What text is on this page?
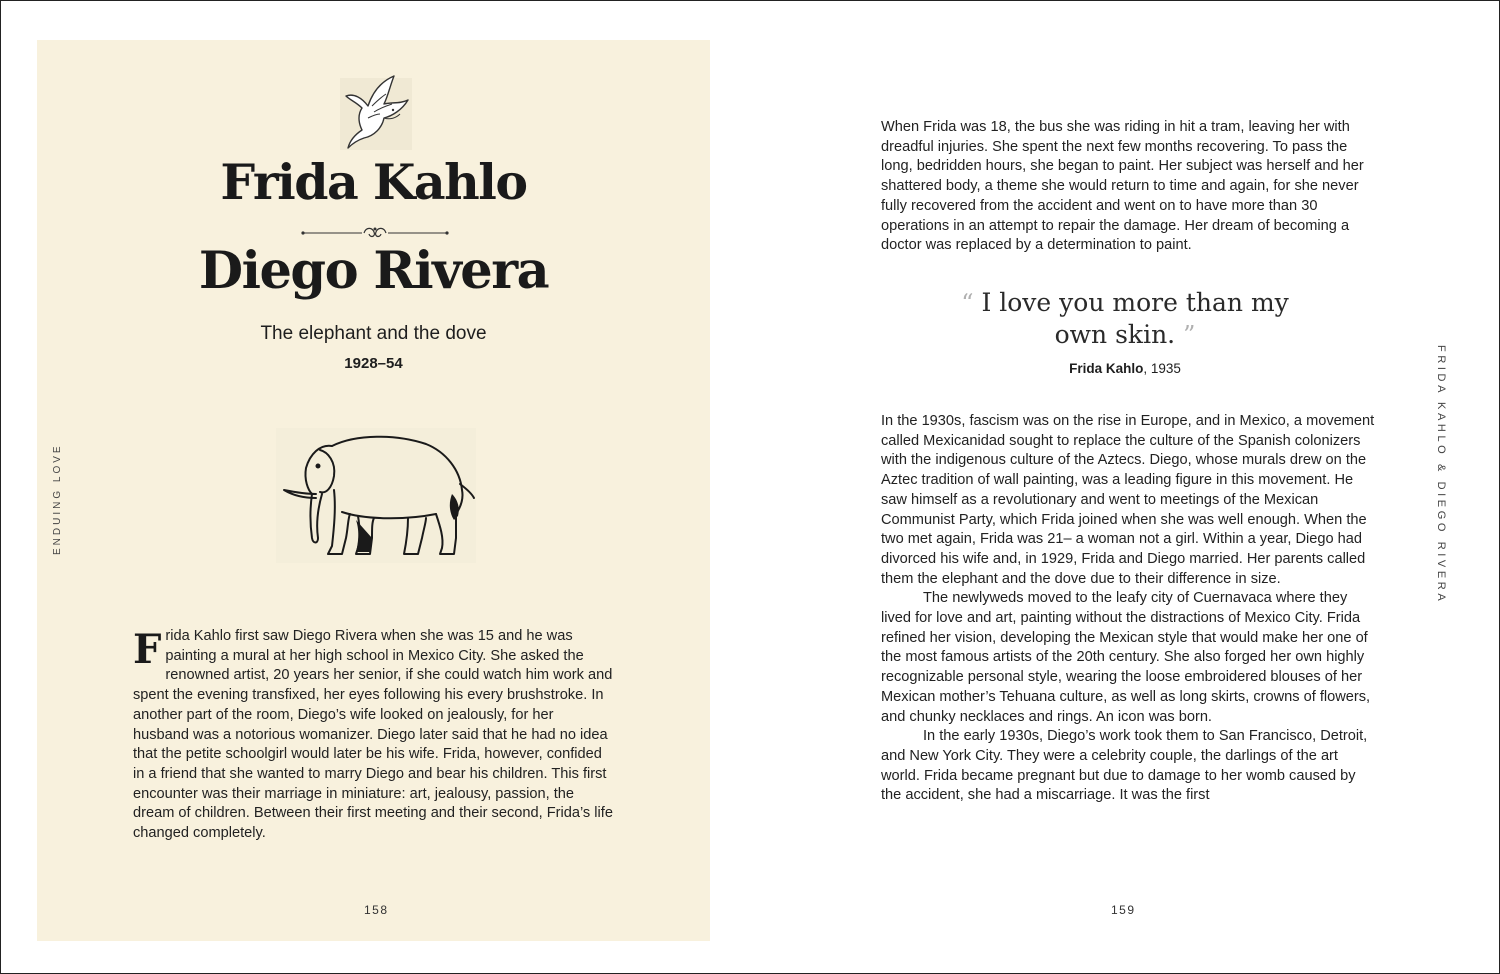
Frida Kahlo
Diego Rivera
The elephant and the dove
1928–54
ENDUING LOVE
Frida Kahlo first saw Diego Rivera when she was 15 and he was painting a mural at her high school in Mexico City. She asked the renowned artist, 20 years her senior, if she could watch him work and spent the evening transfixed, her eyes following his every brushstroke. In another part of the room, Diego’s wife looked on jealously, for her husband was a notorious womanizer. Diego later said that he had no idea that the petite schoolgirl would later be his wife. Frida, however, confided in a friend that she wanted to marry Diego and bear his children. This first encounter was their marriage in miniature: art, jealousy, passion, the dream of children. Between their first meeting and their second, Frida’s life changed completely.
158
When Frida was 18, the bus she was riding in hit a tram, leaving her with dreadful injuries. She spent the next few months recovering. To pass the long, bedridden hours, she began to paint. Her subject was herself and her shattered body, a theme she would return to time and again, for she never fully recovered from the accident and went on to have more than 30 operations in an attempt to repair the damage. Her dream of becoming a doctor was replaced by a determination to paint.
“ I love you more than my own skin. ”
Frida Kahlo, 1935
In the 1930s, fascism was on the rise in Europe, and in Mexico, a movement called Mexicanidad sought to replace the culture of the Spanish colonizers with the indigenous culture of the Aztecs. Diego, whose murals drew on the Aztec tradition of wall painting, was a leading figure in this movement. He saw himself as a revolutionary and went to meetings of the Mexican Communist Party, which Frida joined when she was well enough. When the two met again, Frida was 21– a woman not a girl. Within a year, Diego had divorced his wife and, in 1929, Frida and Diego married. Her parents called them the elephant and the dove due to their difference in size.
The newlyweds moved to the leafy city of Cuernavaca where they lived for love and art, painting without the distractions of Mexico City. Frida refined her vision, developing the Mexican style that would make her one of the most famous artists of the 20th century. She also forged her own highly recognizable personal style, wearing the loose embroidered blouses of her Mexican mother’s Tehuana culture, as well as long skirts, crowns of flowers, and chunky necklaces and rings. An icon was born.
In the early 1930s, Diego’s work took them to San Francisco, Detroit, and New York City. They were a celebrity couple, the darlings of the art world. Frida became pregnant but due to damage to her womb caused by the accident, she had a miscarriage. It was the first
FRIDA KAHLO & DIEGO RIVERA
159
